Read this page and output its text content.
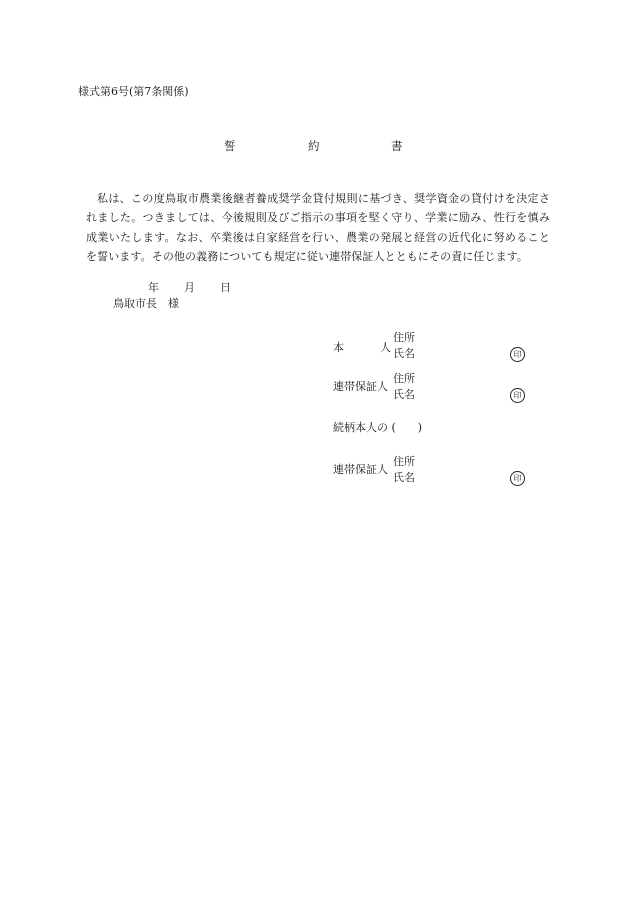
様式第6号(第7条関係)
誓	約	書
私は、この度鳥取市農業後継者養成奨学金貸付規則に基づき、奨学資金の貸付けを決定されました。つきましては、今後規則及びご指示の事項を堅く守り、学業に励み、性行を慎み成業いたします。なお、卒業後は自家経営を行い、農業の発展と経営の近代化に努めることを誓います。その他の義務についても規定に従い連帯保証人とともにその責に任じます。
年 月 日
鳥取市長　様
本	人
住所
氏名	印
連帯保証人
住所
氏名	印
続柄本人の (　　)
連帯保証人
住所
氏名	印
